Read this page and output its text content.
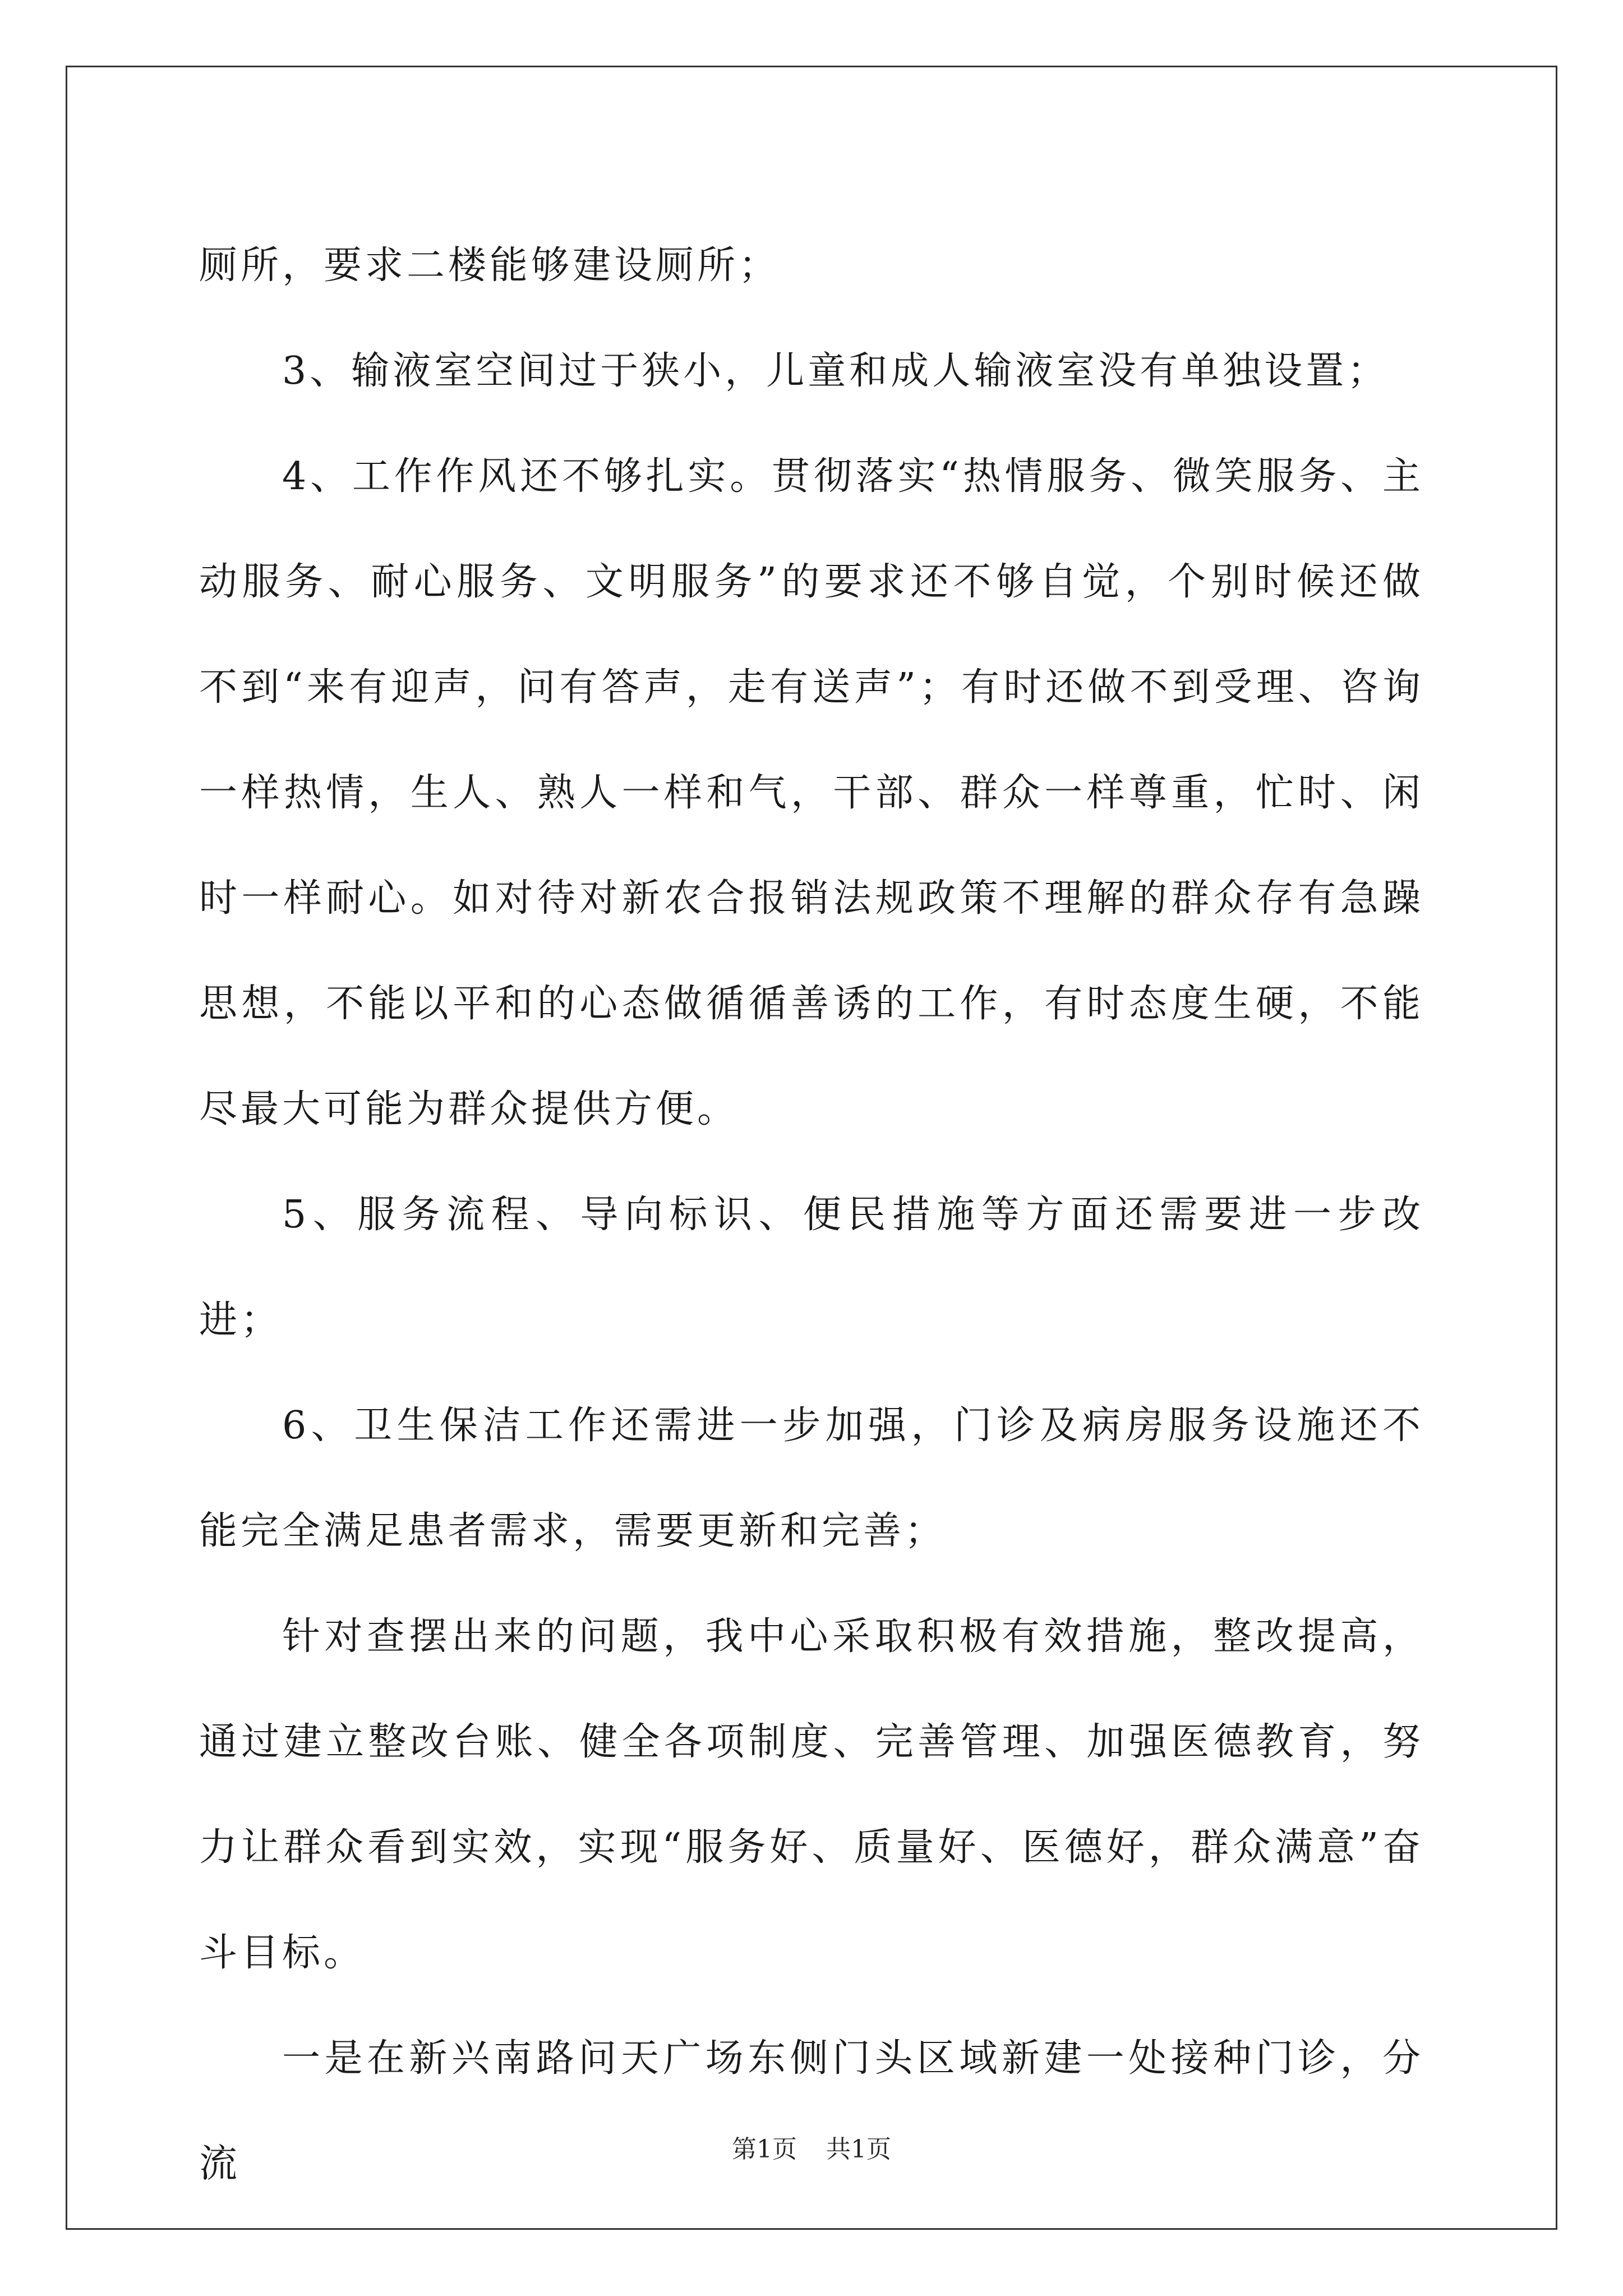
厕所，要求二楼能够建设厕所；

3、输液室空间过于狭小，儿童和成人输液室没有单独设置；

4、工作作风还不够扎实。贯彻落实“热情服务、微笑服务、主动服务、耐心服务、文明服务”的要求还不够自觉，个别时候还做不到“来有迎声，问有答声，走有送声”；有时还做不到受理、咨询一样热情，生人、熟人一样和气，干部、群众一样尊重，忙时、闲时一样耐心。如对待对新农合报销法规政策不理解的群众存有急躁思想，不能以平和的心态做循循善诱的工作，有时态度生硬，不能尽最大可能为群众提供方便。

5、服务流程、导向标识、便民措施等方面还需要进一步改进；

6、卫生保洁工作还需进一步加强，门诊及病房服务设施还不能完全满足患者需求，需要更新和完善；

针对查摆出来的问题，我中心采取积极有效措施，整改提高，通过建立整改台账、健全各项制度、完善管理、加强医德教育，努力让群众看到实效，实现“服务好、质量好、医德好，群众满意”奋斗目标。

一是在新兴南路问天广场东侧门头区域新建一处接种门诊，分流	第1页 共1页
